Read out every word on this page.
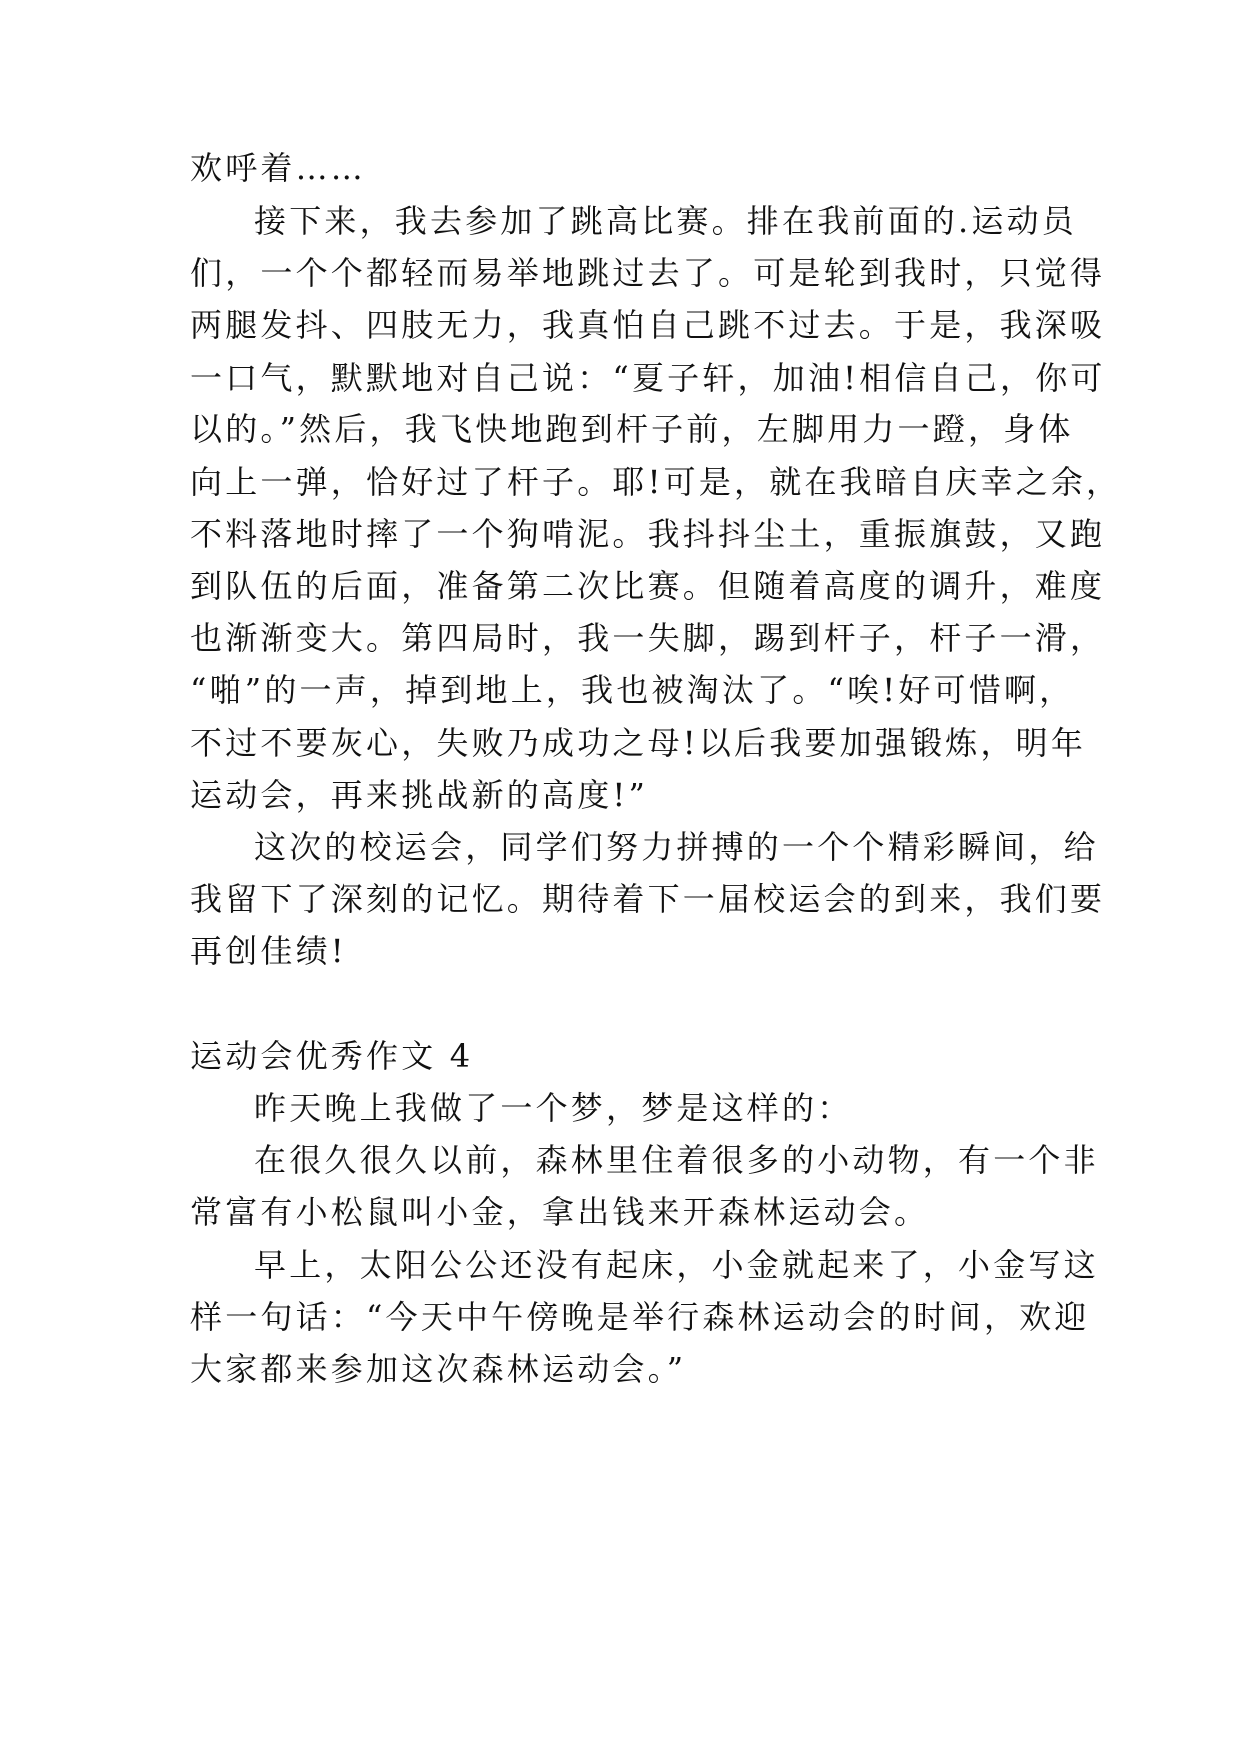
欢呼着……
接下来，我去参加了跳高比赛。排在我前面的.运动员
们，一个个都轻而易举地跳过去了。可是轮到我时，只觉得
两腿发抖、四肢无力，我真怕自己跳不过去。于是，我深吸
一口气，默默地对自己说：“夏子轩，加油!相信自己，你可
以的。”然后，我飞快地跑到杆子前，左脚用力一蹬，身体
向上一弹，恰好过了杆子。耶!可是，就在我暗自庆幸之余，
不料落地时摔了一个狗啃泥。我抖抖尘土，重振旗鼓，又跑
到队伍的后面，准备第二次比赛。但随着高度的调升，难度
也渐渐变大。第四局时，我一失脚，踢到杆子，杆子一滑，
“啪”的一声，掉到地上，我也被淘汰了。“唉!好可惜啊，
不过不要灰心，失败乃成功之母!以后我要加强锻炼，明年
运动会，再来挑战新的高度!”
这次的校运会，同学们努力拼搏的一个个精彩瞬间，给
我留下了深刻的记忆。期待着下一届校运会的到来，我们要
再创佳绩!
运动会优秀作文 4
昨天晚上我做了一个梦，梦是这样的：
在很久很久以前，森林里住着很多的小动物，有一个非
常富有小松鼠叫小金，拿出钱来开森林运动会。
早上，太阳公公还没有起床，小金就起来了，小金写这
样一句话：“今天中午傍晚是举行森林运动会的时间，欢迎
大家都来参加这次森林运动会。”
